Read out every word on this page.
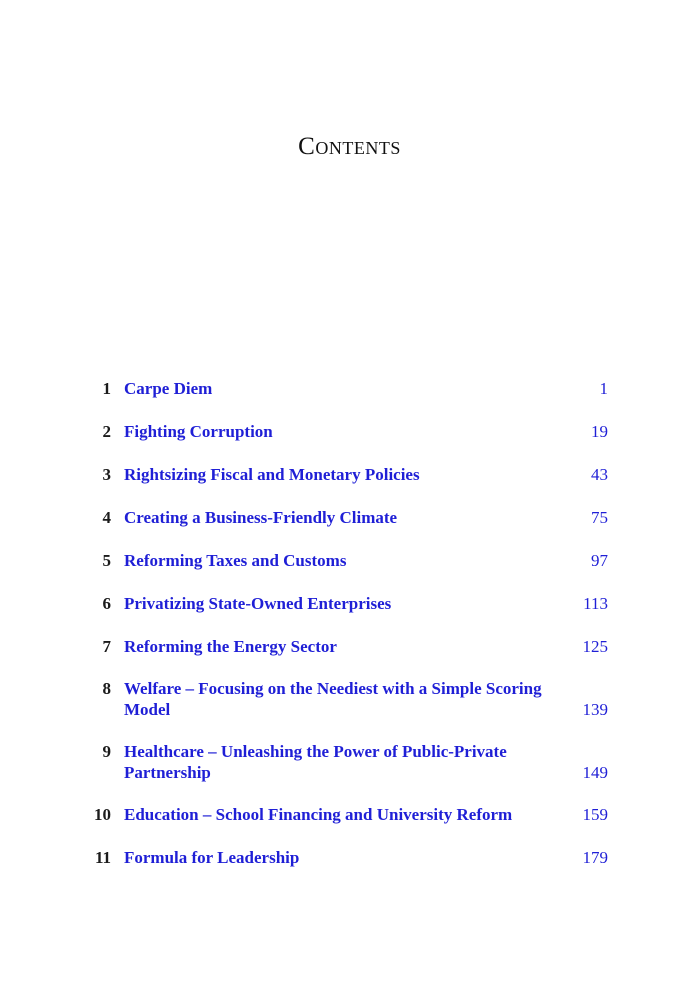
Contents
1 Carpe Diem	1
2 Fighting Corruption	19
3 Rightsizing Fiscal and Monetary Policies	43
4 Creating a Business-Friendly Climate	75
5 Reforming Taxes and Customs	97
6 Privatizing State-Owned Enterprises	113
7 Reforming the Energy Sector	125
8 Welfare – Focusing on the Neediest with a Simple Scoring Model	139
9 Healthcare – Unleashing the Power of Public-Private Partnership	149
10 Education – School Financing and University Reform	159
11 Formula for Leadership	179
